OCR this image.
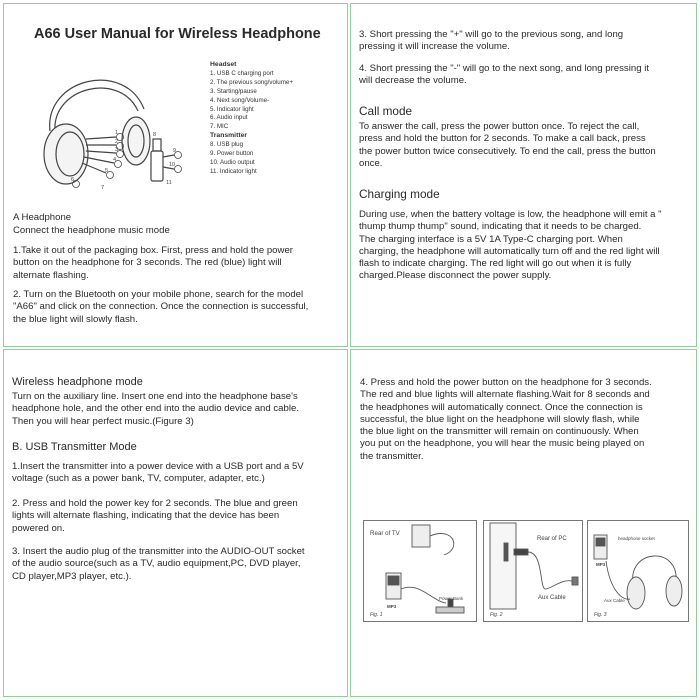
A66 User Manual for Wireless Headphone
Headset
1. USB C charging port
2. The previous song/volume+
3. Starting/pause
4. Next song/Volume-
5. Indicator light
6. Audio input
7. MIC
Transmitter
8. USB plug
9. Power button
10. Audio output
11. Indicator light
1
2
3
4
5
6
7
8
9
10
11
A Headphone
Connect the headphone music mode
1.Take it out of the packaging box. First, press and hold the power
button on the headphone for 3 seconds. The red (blue) light will
alternate flashing.
2. Turn on the Bluetooth on your mobile phone, search for the model
"A66" and click on the connection. Once the connection is successful,
the blue light will slowly flash.
3. Short pressing the "+" will go to the previous song, and long
pressing it will increase the volume.
4. Short pressing the "-" will go to the next song, and long pressing it
will decrease the volume.
Call mode
To answer the call, press the power button once. To reject the call,
press and hold the button for 2 seconds. To make a call back, press
the power button twice consecutively. To end the call, press the button
once.
Charging mode
During use, when the battery voltage is low, the headphone will emit a "
thump thump thump" sound, indicating that it needs to be charged.
The charging interface is a 5V 1A Type-C charging port. When
charging, the headphone will automatically turn off and the red light will
flash to indicate charging. The red light will go out when it is fully
charged.Please disconnect the power supply.
Wireless headphone mode
Turn on the auxiliary line. Insert one end into the headphone base's
headphone hole, and the other end into the audio device and cable.
Then you will hear perfect music.(Figure 3)
B. USB Transmitter Mode
1.Insert the transmitter into a power device with a USB port and a 5V
voltage (such as a power bank, TV, computer, adapter, etc.)
2. Press and hold the power key for 2 seconds. The blue and green
lights will alternate flashing, indicating that the device has been
powered on.
3. Insert the audio plug of the transmitter into the AUDIO-OUT socket
of the audio source(such as a TV, audio equipment,PC, DVD player,
CD player,MP3 player, etc.).
4. Press and hold the power button on the headphone for 3 seconds.
The red and blue lights will alternate flashing.Wait for 8 seconds and
the headphones will automatically connect. Once the connection is
successful, the blue light on the headphone will slowly flash, while
the blue light on the transmitter will remain on continuously. When
you put on the headphone, you will hear the music being played on
the transmitter.
Rear of TV
MP3
Power Bank
Fig. 1
Rear of PC
Aux Cable
Fig. 2
headphone socket
MP3
Aux Cable
Fig. 3
